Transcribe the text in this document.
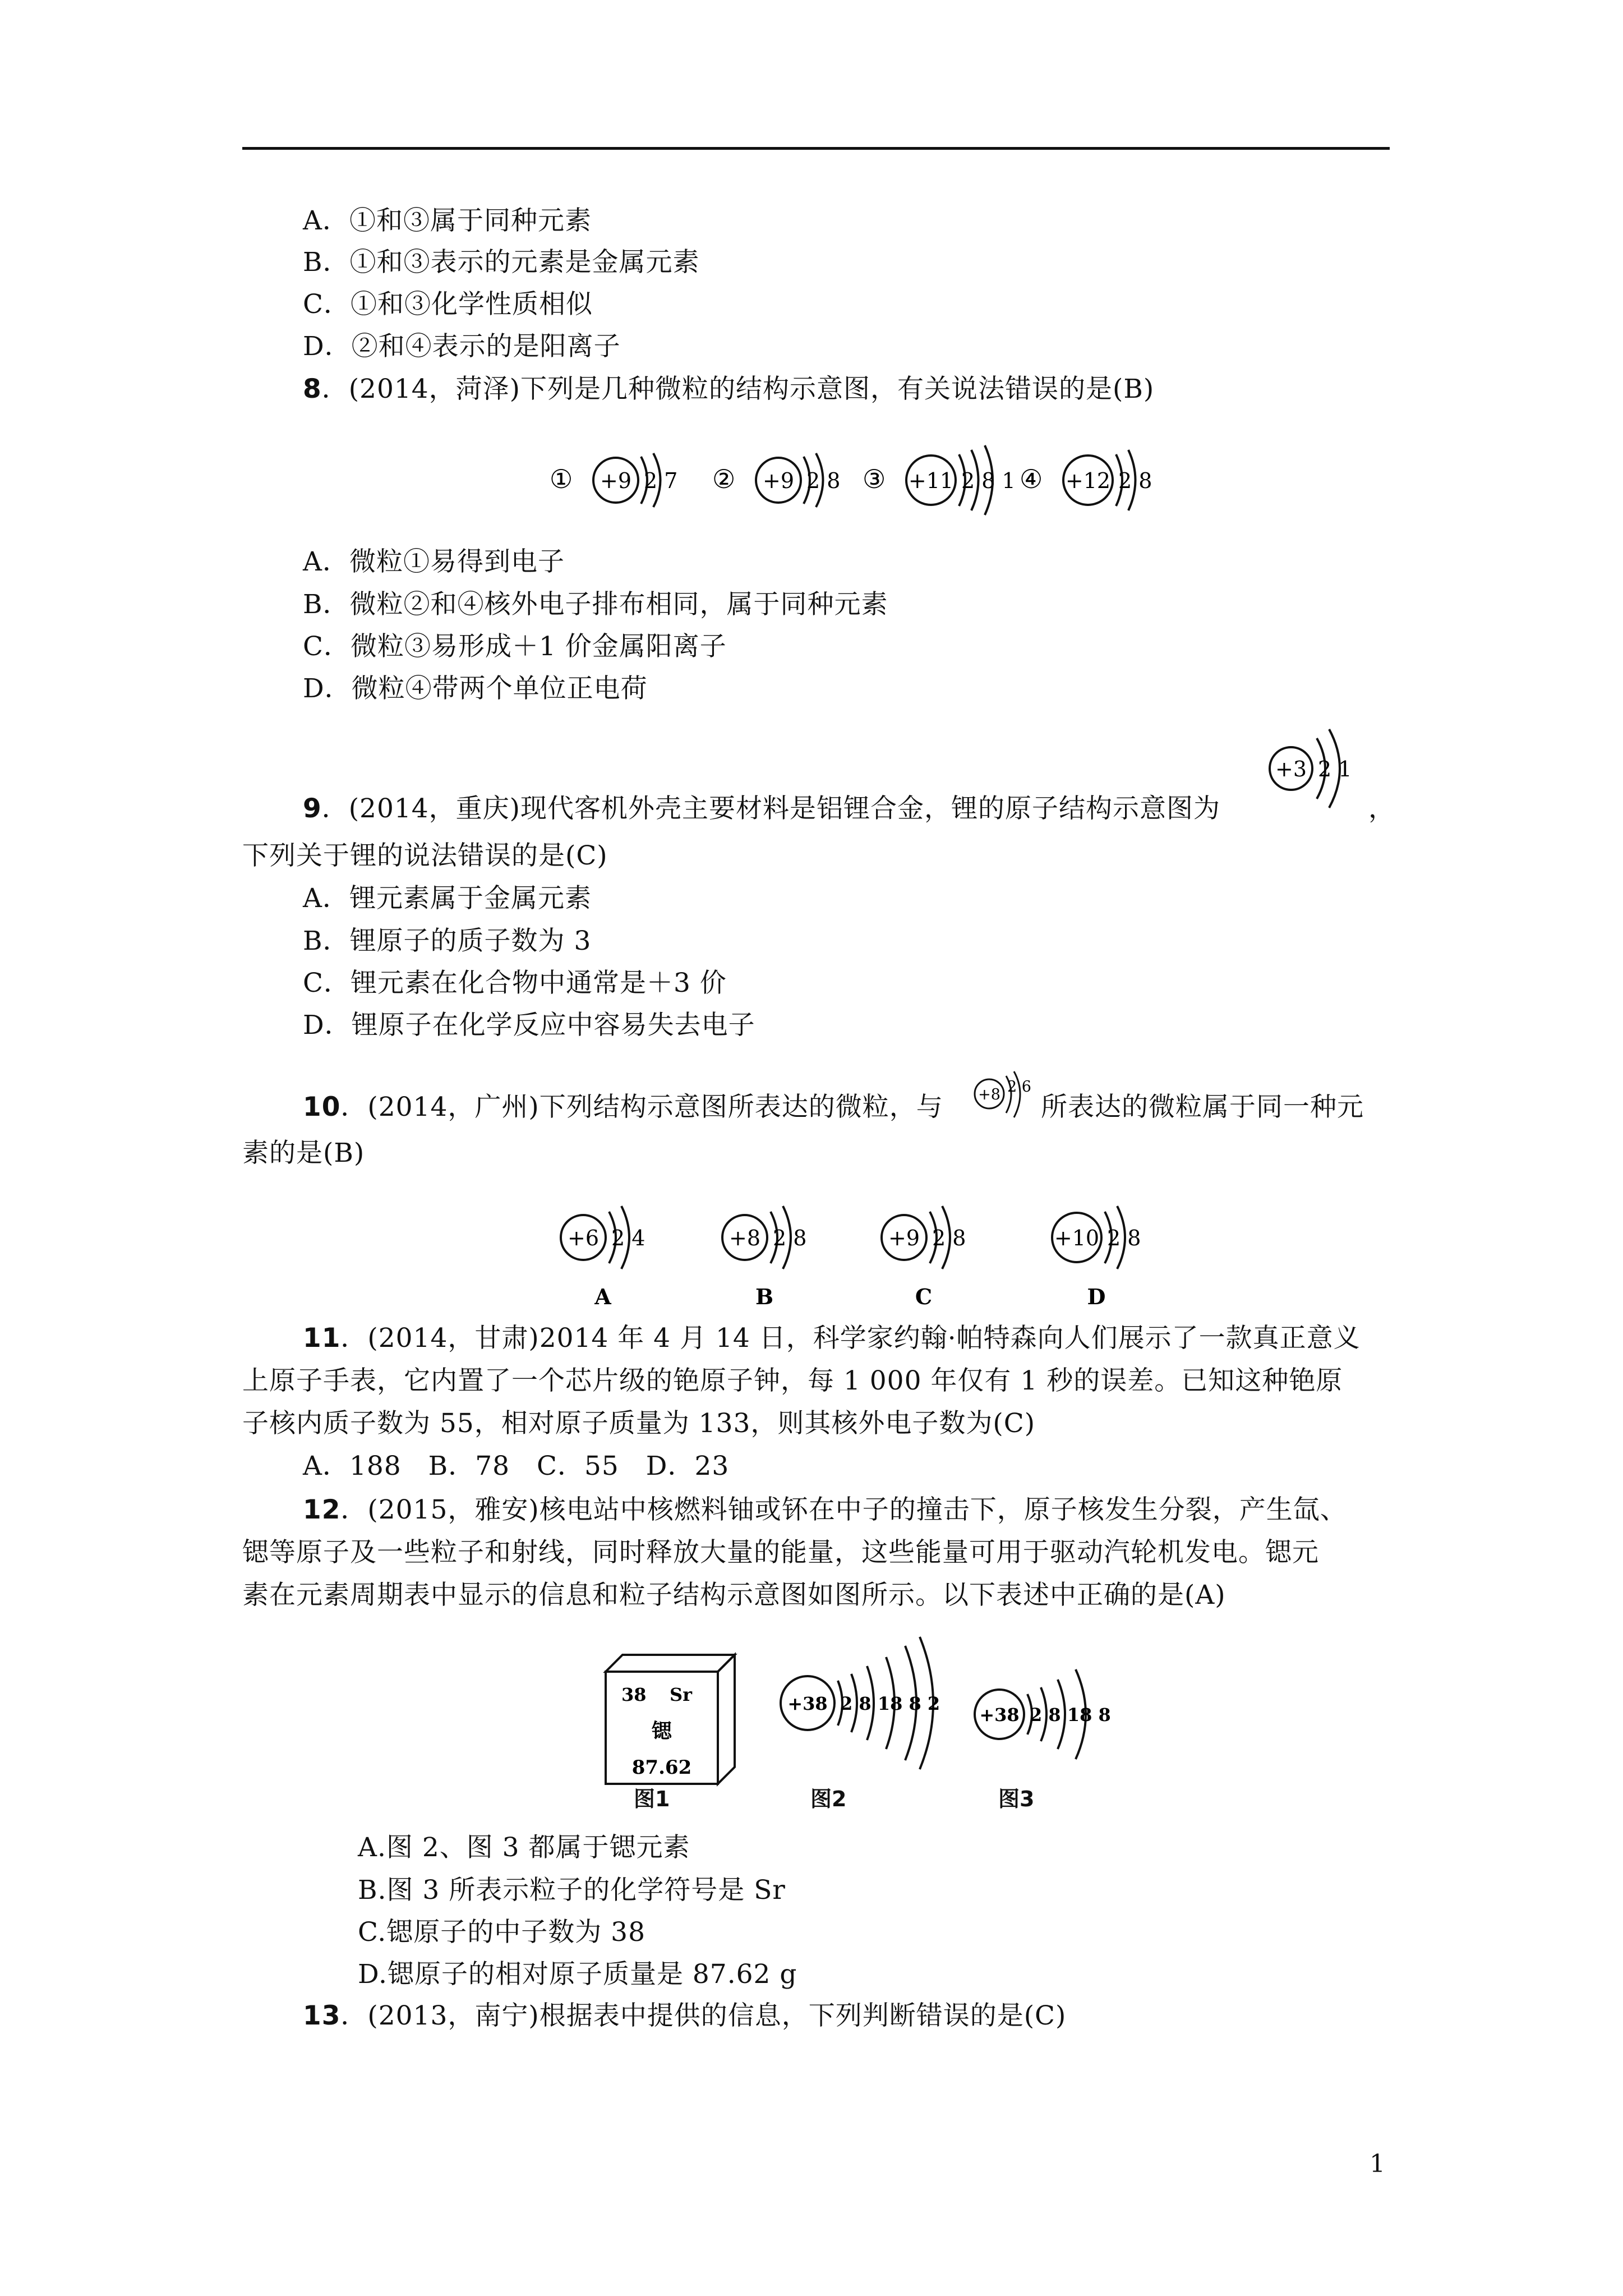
A．①和③属于同种元素
B．①和③表示的元素是金属元素
C．①和③化学性质相似
D．②和④表示的是阳离子
8．(2014，菏泽)下列是几种微粒的结构示意图，有关说法错误的是(B)
① +9 2 7 ② +9 2 8 ③ +11 2 8 1 ④ +12 2 8
A．微粒①易得到电子
B．微粒②和④核外电子排布相同，属于同种元素
C．微粒③易形成＋1 价金属阳离子
D．微粒④带两个单位正电荷
9．(2014，重庆)现代客机外壳主要材料是铝锂合金，锂的原子结构示意图为
+3 2 1
，
下列关于锂的说法错误的是(C)
A．锂元素属于金属元素
B．锂原子的质子数为 3
C．锂元素在化合物中通常是＋3 价
D．锂原子在化学反应中容易失去电子
10．(2014，广州)下列结构示意图所表达的微粒，与 +8 2 6
所表达的微粒属于同一种元
素的是(B)
+6 2 4
A
+8 2 8
B
+9 2 8
C
+10 2 8
D
11．(2014，甘肃)2014 年 4 月 14 日，科学家约翰·帕特森向人们展示了一款真正意义
上原子手表，它内置了一个芯片级的铯原子钟，每 1 000 年仅有 1 秒的误差。已知这种铯原
子核内质子数为 55，相对原子质量为 133，则其核外电子数为(C)
A．188　B．78　C．55　D．23
12．(2015，雅安)核电站中核燃料铀或钚在中子的撞击下，原子核发生分裂，产生氙、
锶等原子及一些粒子和射线，同时释放大量的能量，这些能量可用于驱动汽轮机发电。锶元
素在元素周期表中显示的信息和粒子结构示意图如图所示。以下表述中正确的是(A)
38 Sr
锶
87.62
+38 2 8 18 8 2
+38 2 8 18 8
图1	图2	图3
A.图 2、图 3 都属于锶元素
B.图 3 所表示粒子的化学符号是 Sr
C.锶原子的中子数为 38
D.锶原子的相对原子质量是 87.62 g
13．(2013，南宁)根据表中提供的信息，下列判断错误的是(C)
1
